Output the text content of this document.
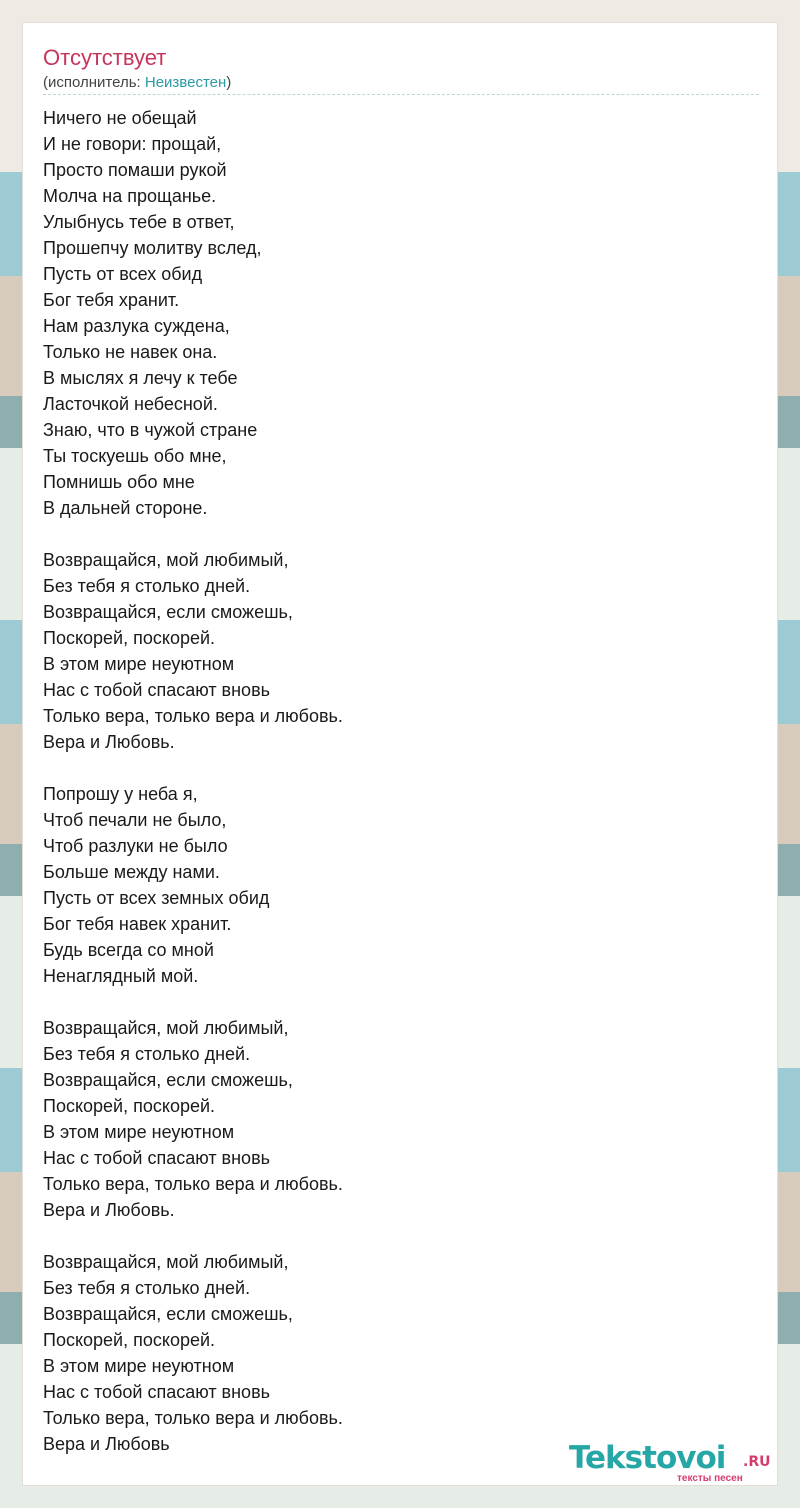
Отсутствует
(исполнитель: Неизвестен)
Ничего не обещай
И не говори: прощай,
Просто помаши рукой
Молча на прощанье.
Улыбнусь тебе в ответ,
Прошепчу молитву вслед,
Пусть от всех обид
Бог тебя хранит.
Нам разлука суждена,
Только не навек она.
В мыслях я лечу к тебе
Ласточкой небесной.
Знаю, что в чужой стране
Ты тоскуешь обо мне,
Помнишь обо мне
В дальней стороне.

Возвращайся, мой любимый,
Без тебя я столько дней.
Возвращайся, если сможешь,
Поскорей, поскорей.
В этом мире неуютном
Нас с тобой спасают вновь
Только вера, только вера и любовь.
Вера и Любовь.

Попрошу у неба я,
Чтоб печали не было,
Чтоб разлуки не было
Больше между нами.
Пусть от всех земных обид
Бог тебя навек хранит.
Будь всегда со мной
Ненаглядный мой.

Возвращайся, мой любимый,
Без тебя я столько дней.
Возвращайся, если сможешь,
Поскорей, поскорей.
В этом мире неуютном
Нас с тобой спасают вновь
Только вера, только вера и любовь.
Вера и Любовь.

Возвращайся, мой любимый,
Без тебя я столько дней.
Возвращайся, если сможешь,
Поскорей, поскорей.
В этом мире неуютном
Нас с тобой спасают вновь
Только вера, только вера и любовь.
Вера и Любовь	Tekstovoi .RU
тексты песен
